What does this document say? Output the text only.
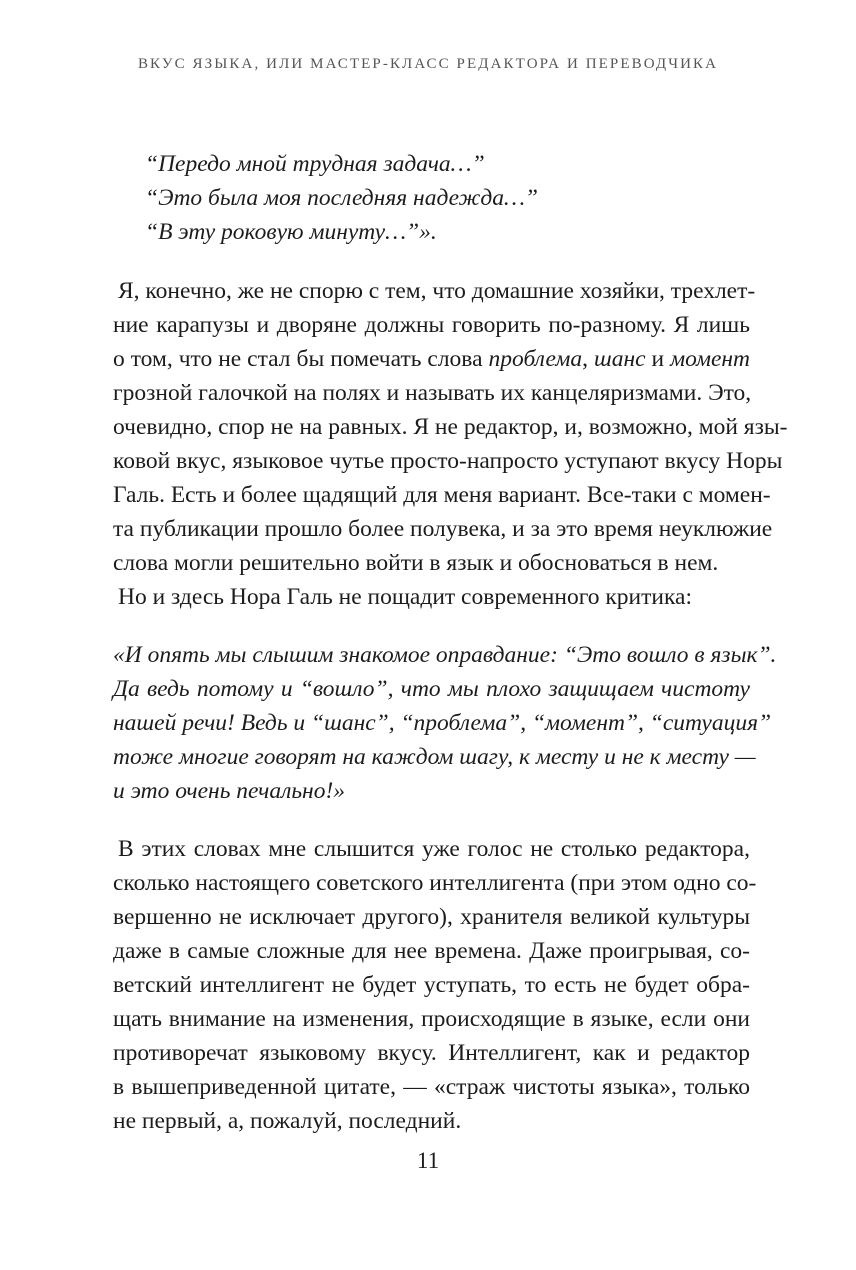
ВКУС ЯЗЫКА, ИЛИ МАСТЕР-КЛАСС РЕДАКТОРА И ПЕРЕВОДЧИКА
“Передо мной трудная задача…”
“Это была моя последняя надежда…”
“В эту роковую минуту…”».
Я, конечно, же не спорю с тем, что домашние хозяйки, трехлет-
ние карапузы и дворяне должны говорить по-разному. Я лишь
о том, что не стал бы помечать слова проблема, шанс и момент
грозной галочкой на полях и называть их канцеляризмами. Это,
очевидно, спор не на равных. Я не редактор, и, возможно, мой язы-
ковой вкус, языковое чутье просто-напросто уступают вкусу Норы
Галь. Есть и более щадящий для меня вариант. Все-таки с момен-
та публикации прошло более полувека, и за это время неуклюжие
слова могли решительно войти в язык и обосноваться в нем.
Но и здесь Нора Галь не пощадит современного критика:
«И опять мы слышим знакомое оправдание: “Это вошло в язык”.
Да ведь потому и “вошло”, что мы плохо защищаем чистоту
нашей речи! Ведь и “шанс”, “проблема”, “момент”, “ситуация”
тоже многие говорят на каждом шагу, к месту и не к месту —
и это очень печально!»
В этих словах мне слышится уже голос не столько редактора,
сколько настоящего советского интеллигента (при этом одно со-
вершенно не исключает другого), хранителя великой культуры
даже в самые сложные для нее времена. Даже проигрывая, со-
ветский интеллигент не будет уступать, то есть не будет обра-
щать внимание на изменения, происходящие в языке, если они
противоречат языковому вкусу. Интеллигент, как и редактор
в вышеприведенной цитате, — «страж чистоты языка», только
не первый, а, пожалуй, последний.
11
